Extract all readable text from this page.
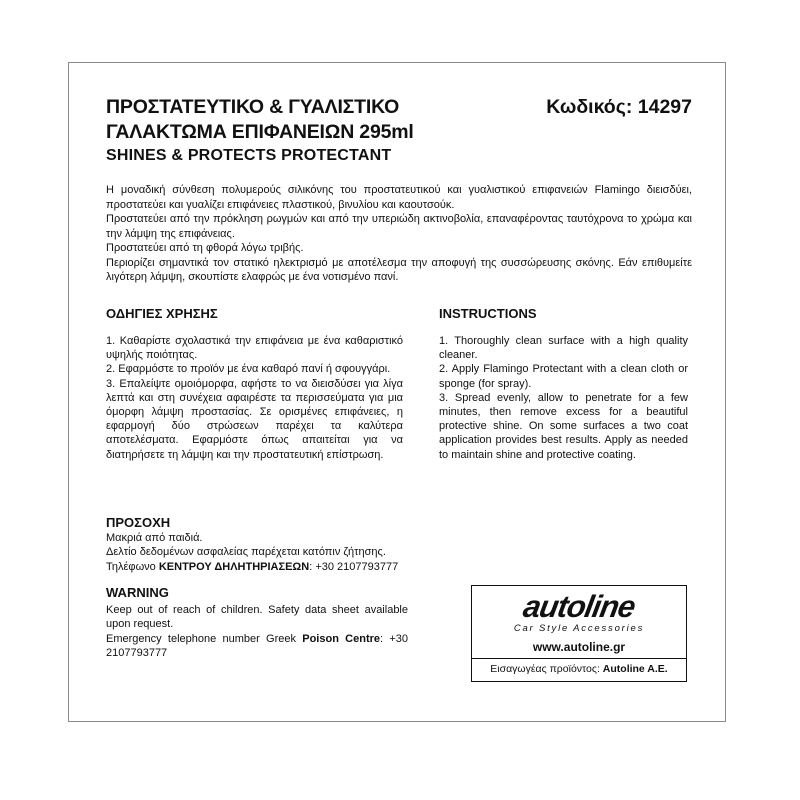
ΠΡΟΣΤΑΤΕΥΤΙΚΟ & ΓΥΑΛΙΣΤΙΚΟ
ΓΑΛΑΚΤΩΜΑ ΕΠΙΦΑΝΕΙΩΝ 295ml
Κωδικός: 14297
SHINES & PROTECTS PROTECTANT

Η μοναδική σύνθεση πολυμερούς σιλικόνης του προστατευτικού και γυαλιστικού επιφανειών Flamingo διεισδύει, προστατεύει και γυαλίζει επιφάνειες πλαστικού, βινυλίου και καουτσούκ.

Προστατεύει από την πρόκληση ρωγμών και από την υπεριώδη ακτινοβολία, επαναφέροντας ταυτόχρονα το χρώμα και την λάμψη της επιφάνειας.

Προστατεύει από τη φθορά λόγω τριβής.

Περιορίζει σημαντικά τον στατικό ηλεκτρισμό με αποτέλεσμα την αποφυγή της συσσώρευσης σκόνης. Εάν επιθυμείτε λιγότερη λάμψη, σκουπίστε ελαφρώς με ένα νοτισμένο πανί.

ΟΔΗΓΙΕΣ ΧΡΗΣΗΣ	INSTRUCTIONS

1. Καθαρίστε σχολαστικά την επιφάνεια με ένα καθαριστικό υψηλής ποιότητας.

2. Εφαρμόστε το προϊόν με ένα καθαρό πανί ή σφουγγάρι.

3. Επαλείψτε ομοιόμορφα, αφήστε το να διεισδύσει για λίγα λεπτά και στη συνέχεια αφαιρέστε τα περισσεύματα για μια όμορφη λάμψη προστασίας. Σε ορισμένες επιφάνειες, η εφαρμογή δύο στρώσεων παρέχει τα καλύτερα αποτελέσματα. Εφαρμόστε όπως απαιτείται για να διατηρήσετε τη λάμψη και την προστατευτική επίστρωση.

1. Thoroughly clean surface with a high quality cleaner.

2. Apply Flamingo Protectant with a clean cloth or sponge (for spray).

3. Spread evenly, allow to penetrate for a few minutes, then remove excess for a beautiful protective shine. On some surfaces a two coat application provides best results. Apply as needed to maintain shine and protective coating.

ΠΡΟΣΟΧΗ

Μακριά από παιδιά.

Δελτίο δεδομένων ασφαλείας παρέχεται κατόπιν ζήτησης.

Τηλέφωνο ΚΕΝΤΡΟΥ ΔΗΛΗΤΗΡΙΑΣΕΩΝ: +30 2107793777

WARNING

Keep out of reach of children. Safety data sheet available upon request.

Emergency telephone number Greek Poison Centre: +30 2107793777

autoline
Car Style Accessories
www.autoline.gr
Εισαγωγέας προϊόντος: Autoline A.E.
